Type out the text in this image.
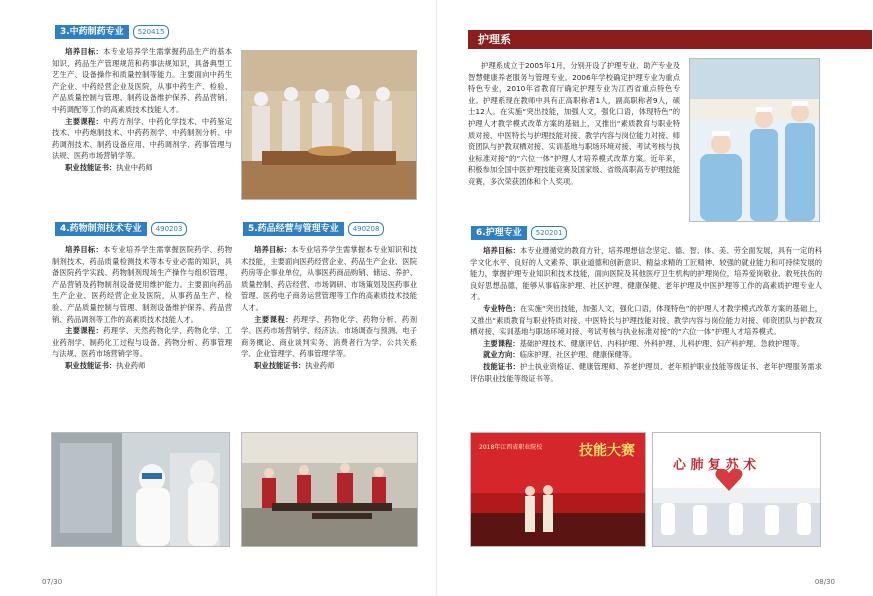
3.中药制药专业	520415

培养目标：本专业培养学生需掌握药品生产的基本知识、药品生产管理规范和药事法规知识，具备典型工艺生产、设备操作和质量控制等能力。主要面向中药生产企业、中药经营企业及医院，从事中药生产、检验、产品质量控制与管理、制药设备维护保养、药品营销、中药调配等工作的高素质技术技能人才。

主要课程：中药方剂学、中药化学技术、中药鉴定技术、中药炮制技术、中药药剂学、中药制剂分析、中药调剂技术、制药设备应用、中药调剂学、药事管理与法规、医药市场营销学等。

职业技能证书：执业中药师

4.药物制剂技术专业	490203

培养目标：本专业培养学生需掌握医院药学、药物制剂技术、药品质量检测技术等本专业必需的知识，具备医院药学实践、药物制剂现场生产操作与组织管理、产品营销及药物制剂设备使用维护能力。主要面向药品生产企业、医药经营企业及医院，从事药品生产、检验、产品质量控制与管理、制剂设备维护保养、药品营销、药品调剂等工作的高素质技术技能人才。

主要课程：药理学、天然药物化学、药物化学、工业药剂学、制药化工过程与设备、药物分析、药事管理与法规、医药市场营销学等。

职业技能证书：执业药师

5.药品经营与管理专业	490208

培养目标：本专业培养学生需掌握本专业知识和技术技能，主要面向医药经营企业、药品生产企业、医院药房等企事业单位，从事医药商品购销、储运、养护、质量控制、药店经营、市场调研、市场策划及医药事业管理、医药电子商务运营管理等工作的高素质技术技能人才。

主要课程：药理学、药物化学、药物分析、药剂学、医药市场营销学、经济法、市场调查与预测、电子商务概论、商业谈判实务、消费者行为学、公共关系学、企业管理学、药事管理学等。

职业技能证书：执业药师

07/30	08/30
护理系

护理系成立于2005年1月，分别开设了护理专业、助产专业及智慧健康养老服务与管理专业。2006年学校确定护理专业为重点特色专业，2010年省教育厅确定护理专业为江西省重点特色专业。护理系现在教师中具有正高职称者1人，副高职称者9人，硕士12人。在实施“突出技能，加强人文，强化口语，体现特色”的护理人才教学模式改革方案的基础上，又推出“素质教育与职业特质对接、中医特长与护理技能对接、教学内容与岗位能力对接、师资团队与护教双栖对接、实训基地与职场环境对接、考试考核与执业标准对接”的“六位一体”护理人才培养模式改革方案。近年来，积极参加全国中医护理技能竞赛及国家级、省级高职高专护理技能竞赛，多次荣获团体和个人奖项。

6.护理专业	520201

培养目标：本专业遵循党的教育方针，培养理想信念坚定、德、智、体、美、劳全面发展，具有一定的科学文化水平、良好的人文素养、职业道德和创新意识、精益求精的工匠精神、较强的就业能力和可持续发展的能力，掌握护理专业知识和技术技能，面向医院及其他医疗卫生机构的护理岗位，培养爱岗敬业、救死扶伤的良好思想品德，能够从事临床护理、社区护理、健康保健、老年护理及中医护理等工作的高素质护理专业人才。

专业特色：在实施“突出技能，加强人文，强化口语，体现特色”的护理人才教学模式改革方案的基础上，又推出“素质教育与职业特质对接、中医特长与护理技能对接、教学内容与岗位能力对接、师资团队与护教双栖对接、实训基地与职场环境对接、考试考核与执业标准对接”的“六位一体”护理人才培养模式。

主要课程：基础护理技术、健康评估、内科护理、外科护理、儿科护理、妇产科护理、急救护理等。

就业方向：临床护理、社区护理、健康保健等。

技能证书：护士执业资格证、健康管理师、养老护理员、老年照护职业技能等级证书、老年护理服务需求评估职业技能等级证书等。

2018年江西省职业院校	技能大赛
心 肺 复 苏 术
